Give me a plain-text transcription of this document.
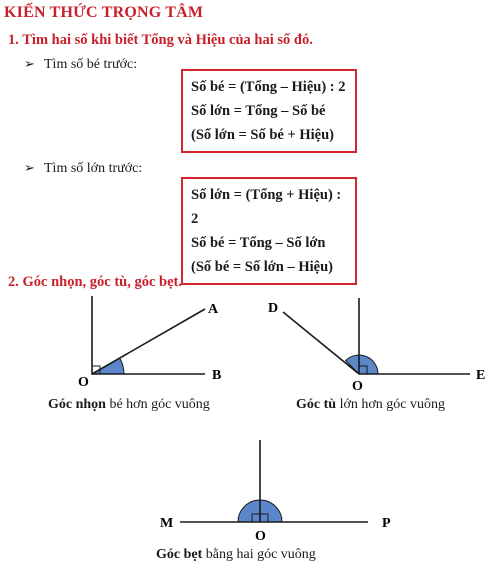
KIẾN THỨC TRỌNG TÂM
1. Tìm hai số khi biết Tổng và Hiệu của hai số đó.
➢ Tìm số bé trước:
Số bé = (Tổng – Hiệu) : 2
Số lớn = Tổng – Số bé
(Số lớn = Số bé + Hiệu)
➢ Tìm số lớn trước:
Số lớn = (Tổng + Hiệu) : 2
Số bé = Tổng – Số lớn
(Số bé = Số lớn – Hiệu)
2. Góc nhọn, góc tù, góc bẹt.
A
B
O
D
E
O
M	P
O
Góc nhọn bé hơn góc vuông	Góc tù lớn hơn góc vuông
Góc bẹt bằng hai góc vuông
